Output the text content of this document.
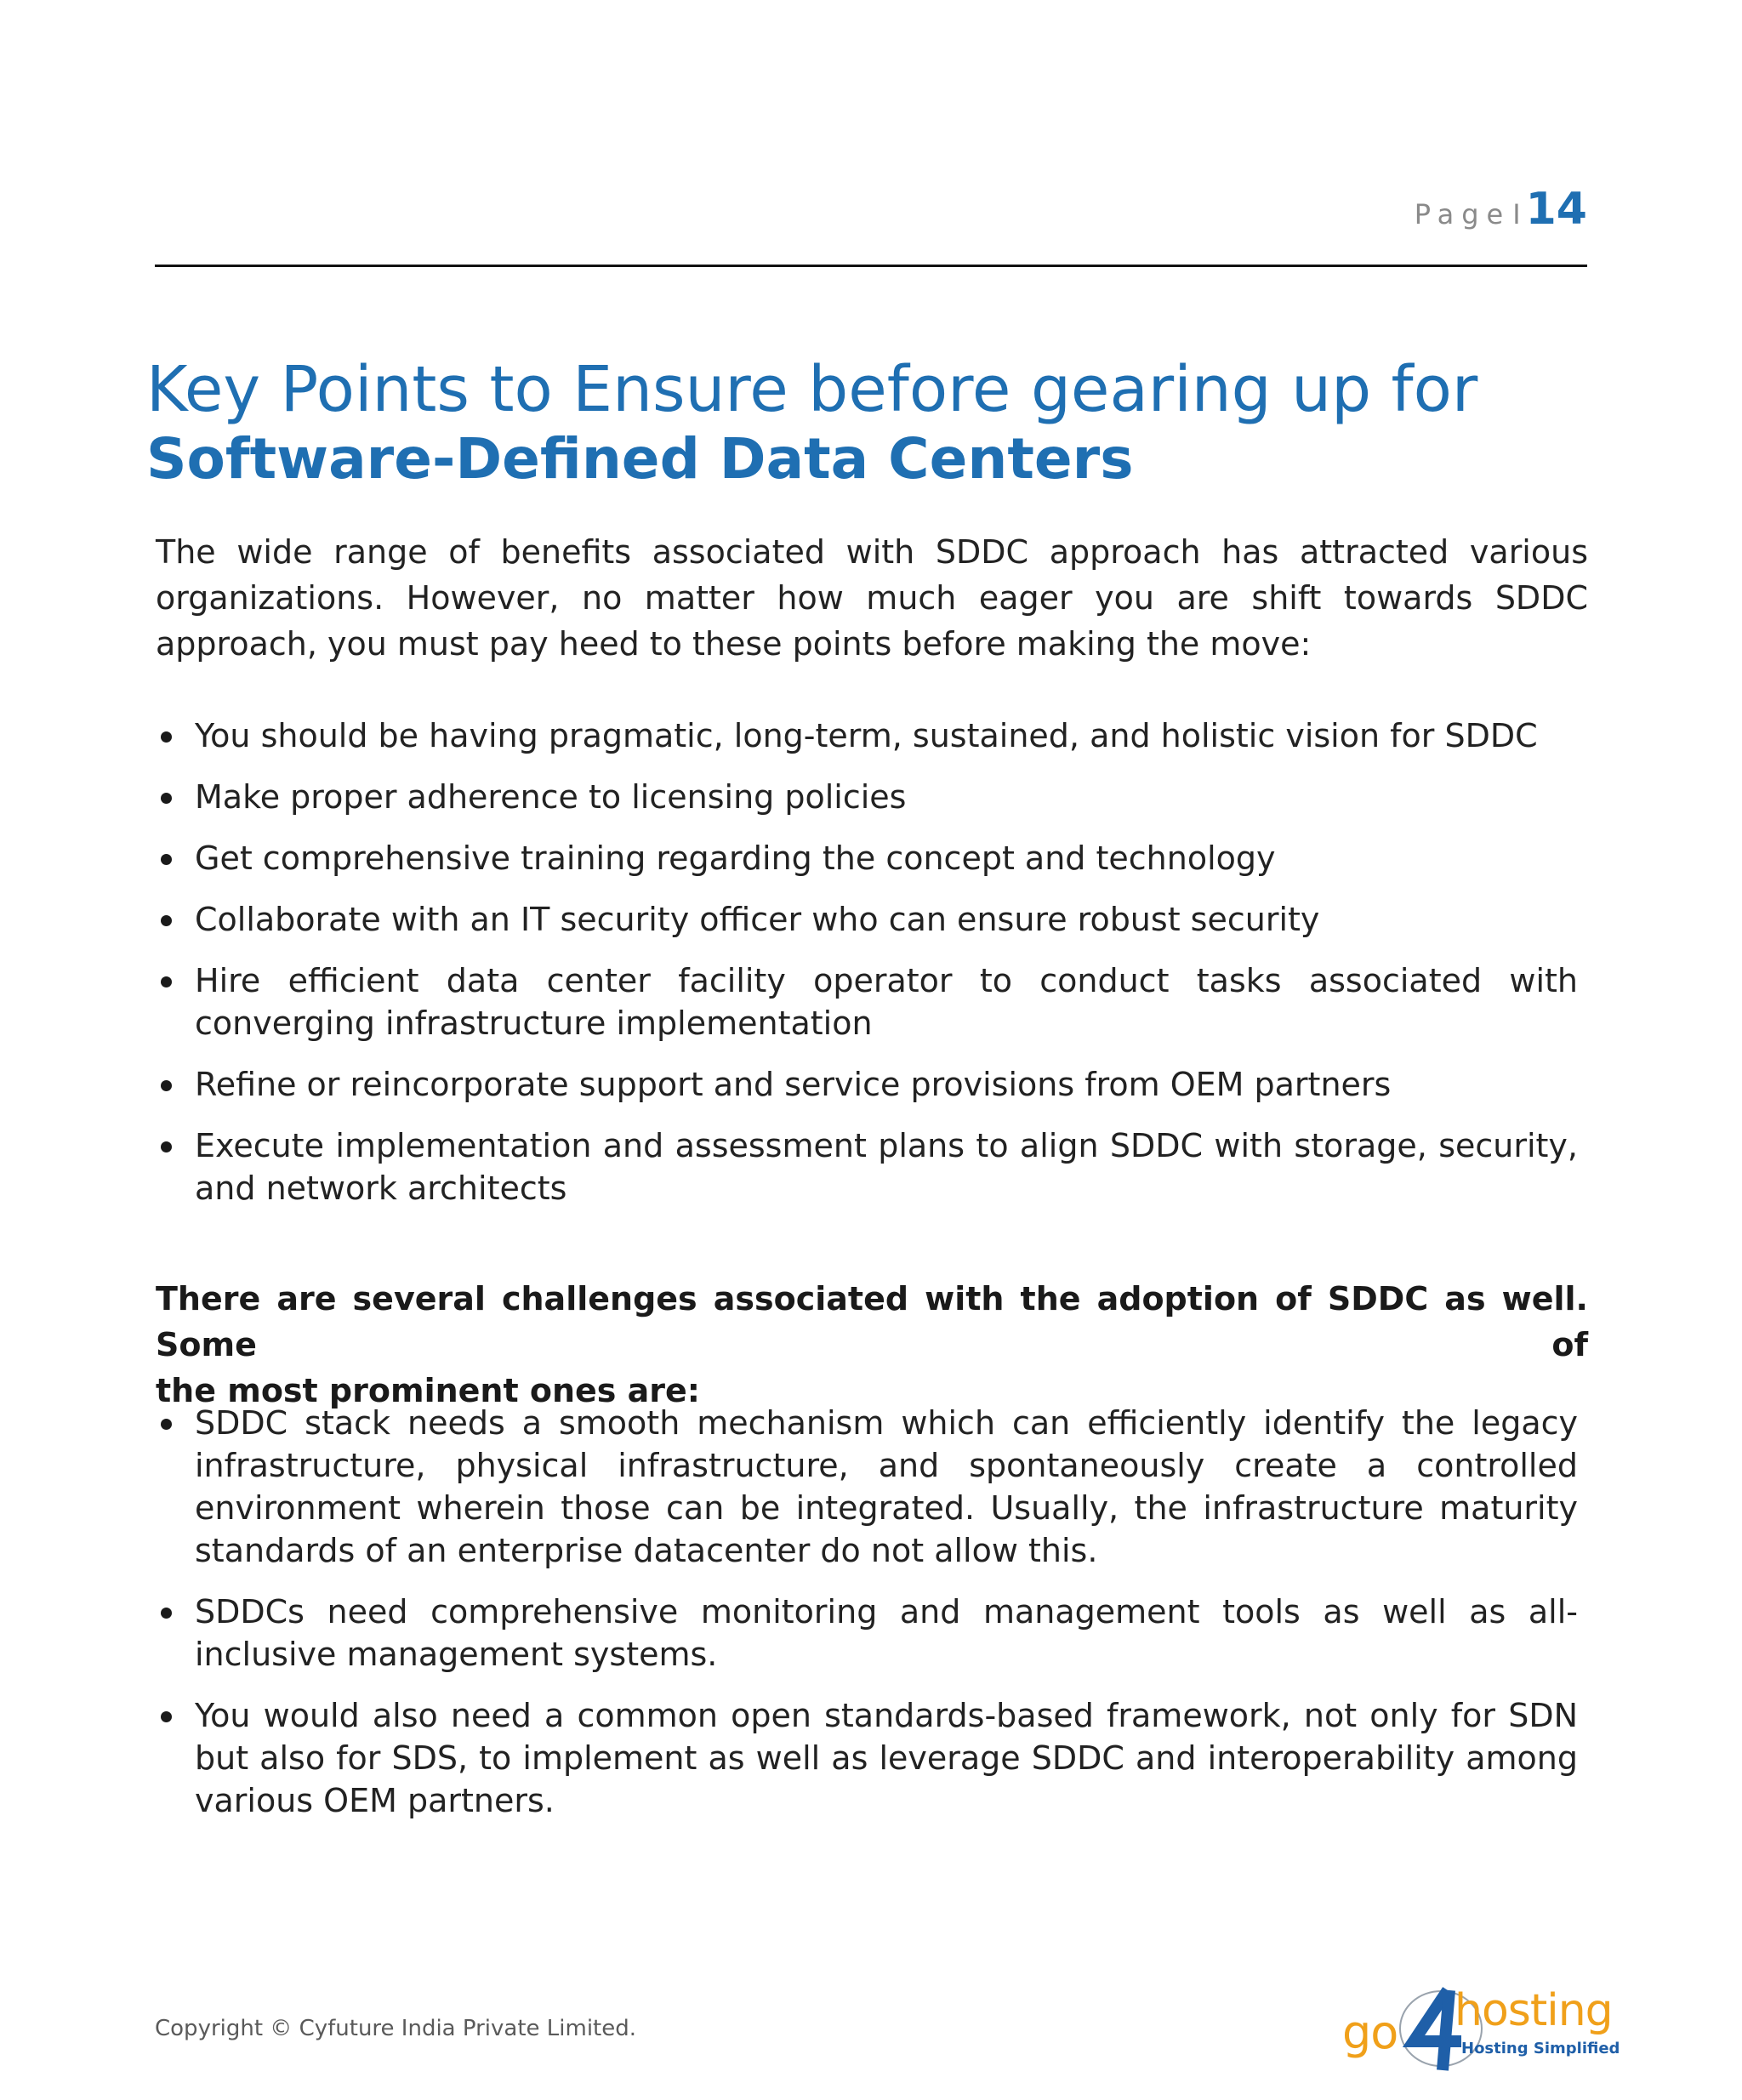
Page I 14
Key Points to Ensure before gearing up for
Software-Defined Data Centers
The wide range of benefits associated with SDDC approach has attracted various
organizations. However, no matter how much eager you are shift towards SDDC
approach, you must pay heed to these points before making the move:
You should be having pragmatic, long-term, sustained, and holistic vision for SDDC
Make proper adherence to licensing policies
Get comprehensive training regarding the concept and technology
Collaborate with an IT security officer who can ensure robust security
Hire efficient data center facility operator to conduct tasks associated with converging infrastructure implementation
Refine or reincorporate support and service provisions from OEM partners
Execute implementation and assessment plans to align SDDC with storage, security, and network architects
There are several challenges associated with the adoption of SDDC as well. Some of
the most prominent ones are:
SDDC stack needs a smooth mechanism which can efficiently identify the legacy infrastructure, physical infrastructure, and spontaneously create a controlled environment wherein those can be integrated. Usually, the infrastructure maturity standards of an enterprise datacenter do not allow this.
SDDCs need comprehensive monitoring and management tools as well as all-inclusive management systems.
You would also need a common open standards-based framework, not only for SDN but also for SDS, to implement as well as leverage SDDC and interoperability among various OEM partners.
Copyright © Cyfuture India Private Limited.	go hosting
Hosting Simplified
